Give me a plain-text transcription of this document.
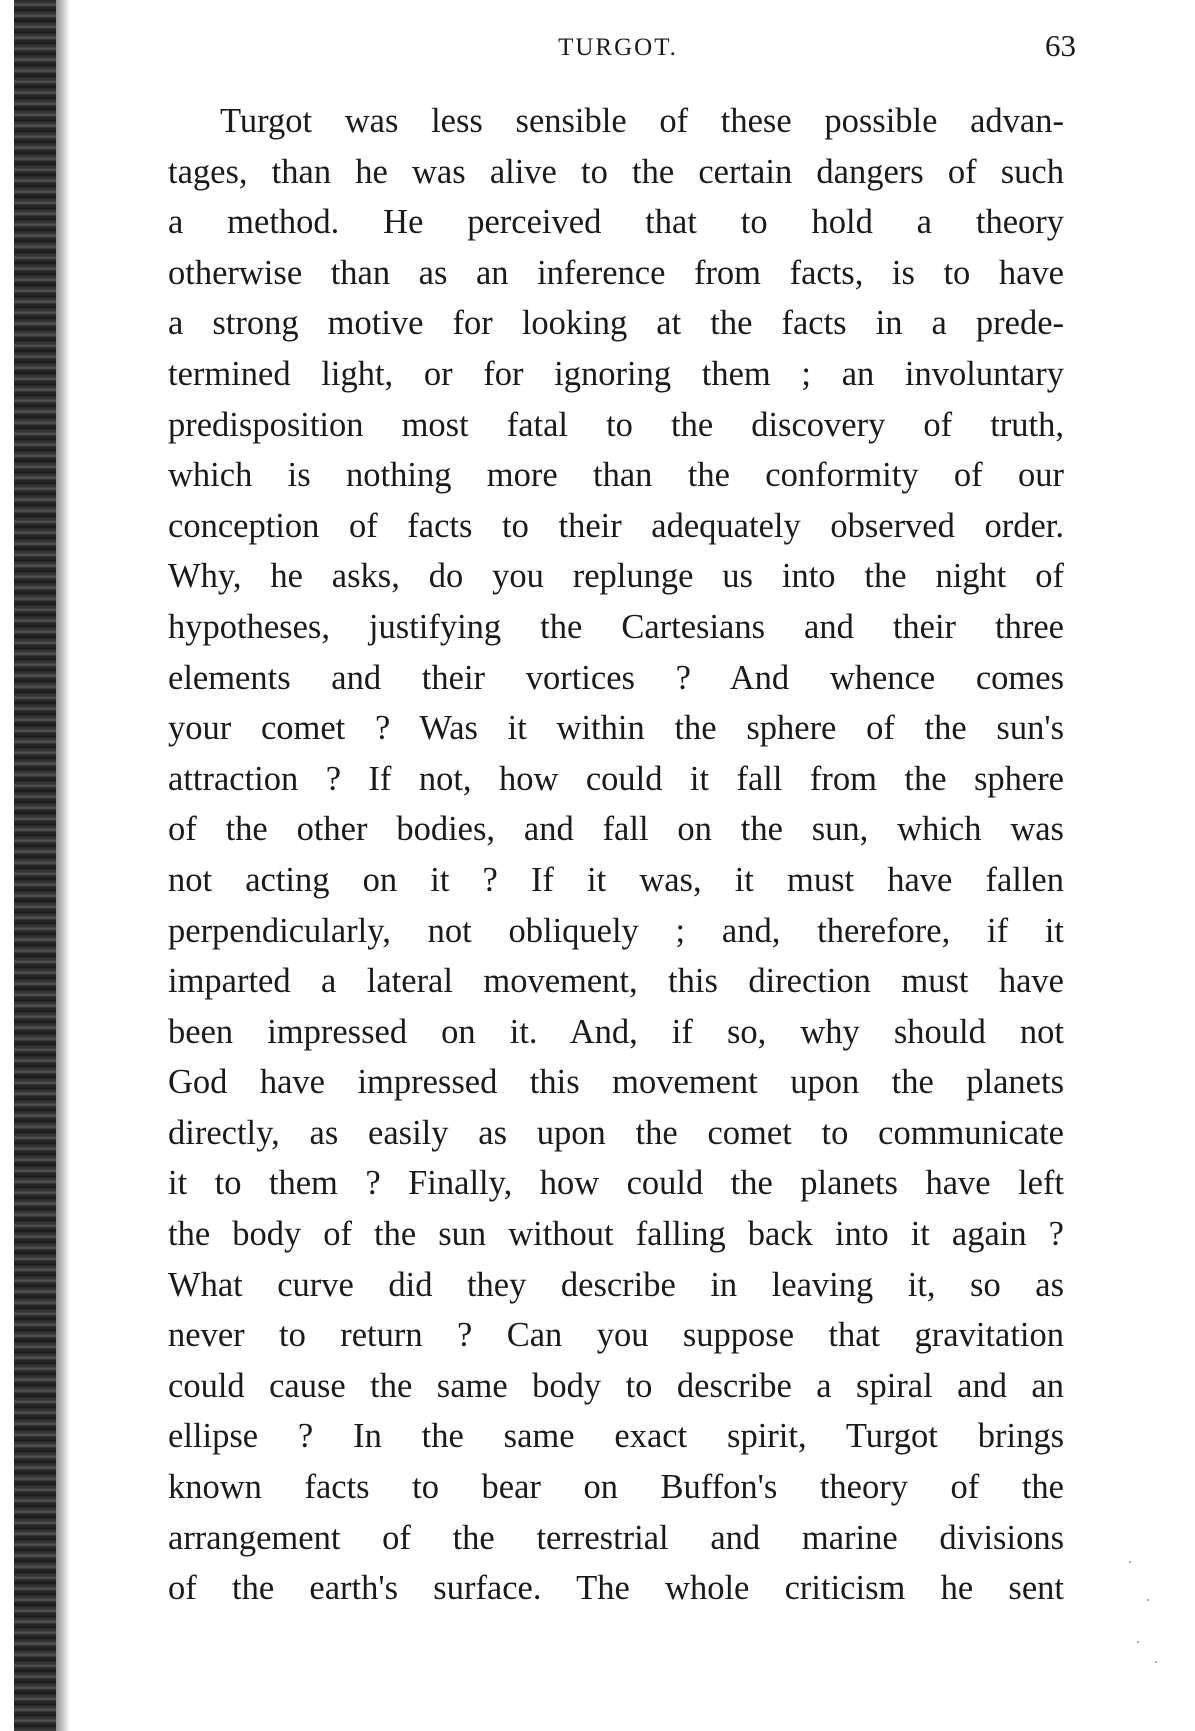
TURGOT.	63
Turgot was less sensible of these possible advan-
tages, than he was alive to the certain dangers of such
a method. He perceived that to hold a theory
otherwise than as an inference from facts, is to have
a strong motive for looking at the facts in a prede-
termined light, or for ignoring them ; an involuntary
predisposition most fatal to the discovery of truth,
which is nothing more than the conformity of our
conception of facts to their adequately observed order.
Why, he asks, do you replunge us into the night of
hypotheses, justifying the Cartesians and their three
elements and their vortices ? And whence comes
your comet ? Was it within the sphere of the sun's
attraction ? If not, how could it fall from the sphere
of the other bodies, and fall on the sun, which was
not acting on it ? If it was, it must have fallen
perpendicularly, not obliquely ; and, therefore, if it
imparted a lateral movement, this direction must have
been impressed on it. And, if so, why should not
God have impressed this movement upon the planets
directly, as easily as upon the comet to communicate
it to them ? Finally, how could the planets have left
the body of the sun without falling back into it again ?
What curve did they describe in leaving it, so as
never to return ? Can you suppose that gravitation
could cause the same body to describe a spiral and an
ellipse ? In the same exact spirit, Turgot brings
known facts to bear on Buffon's theory of the
arrangement of the terrestrial and marine divisions
of the earth's surface. The whole criticism he sent
